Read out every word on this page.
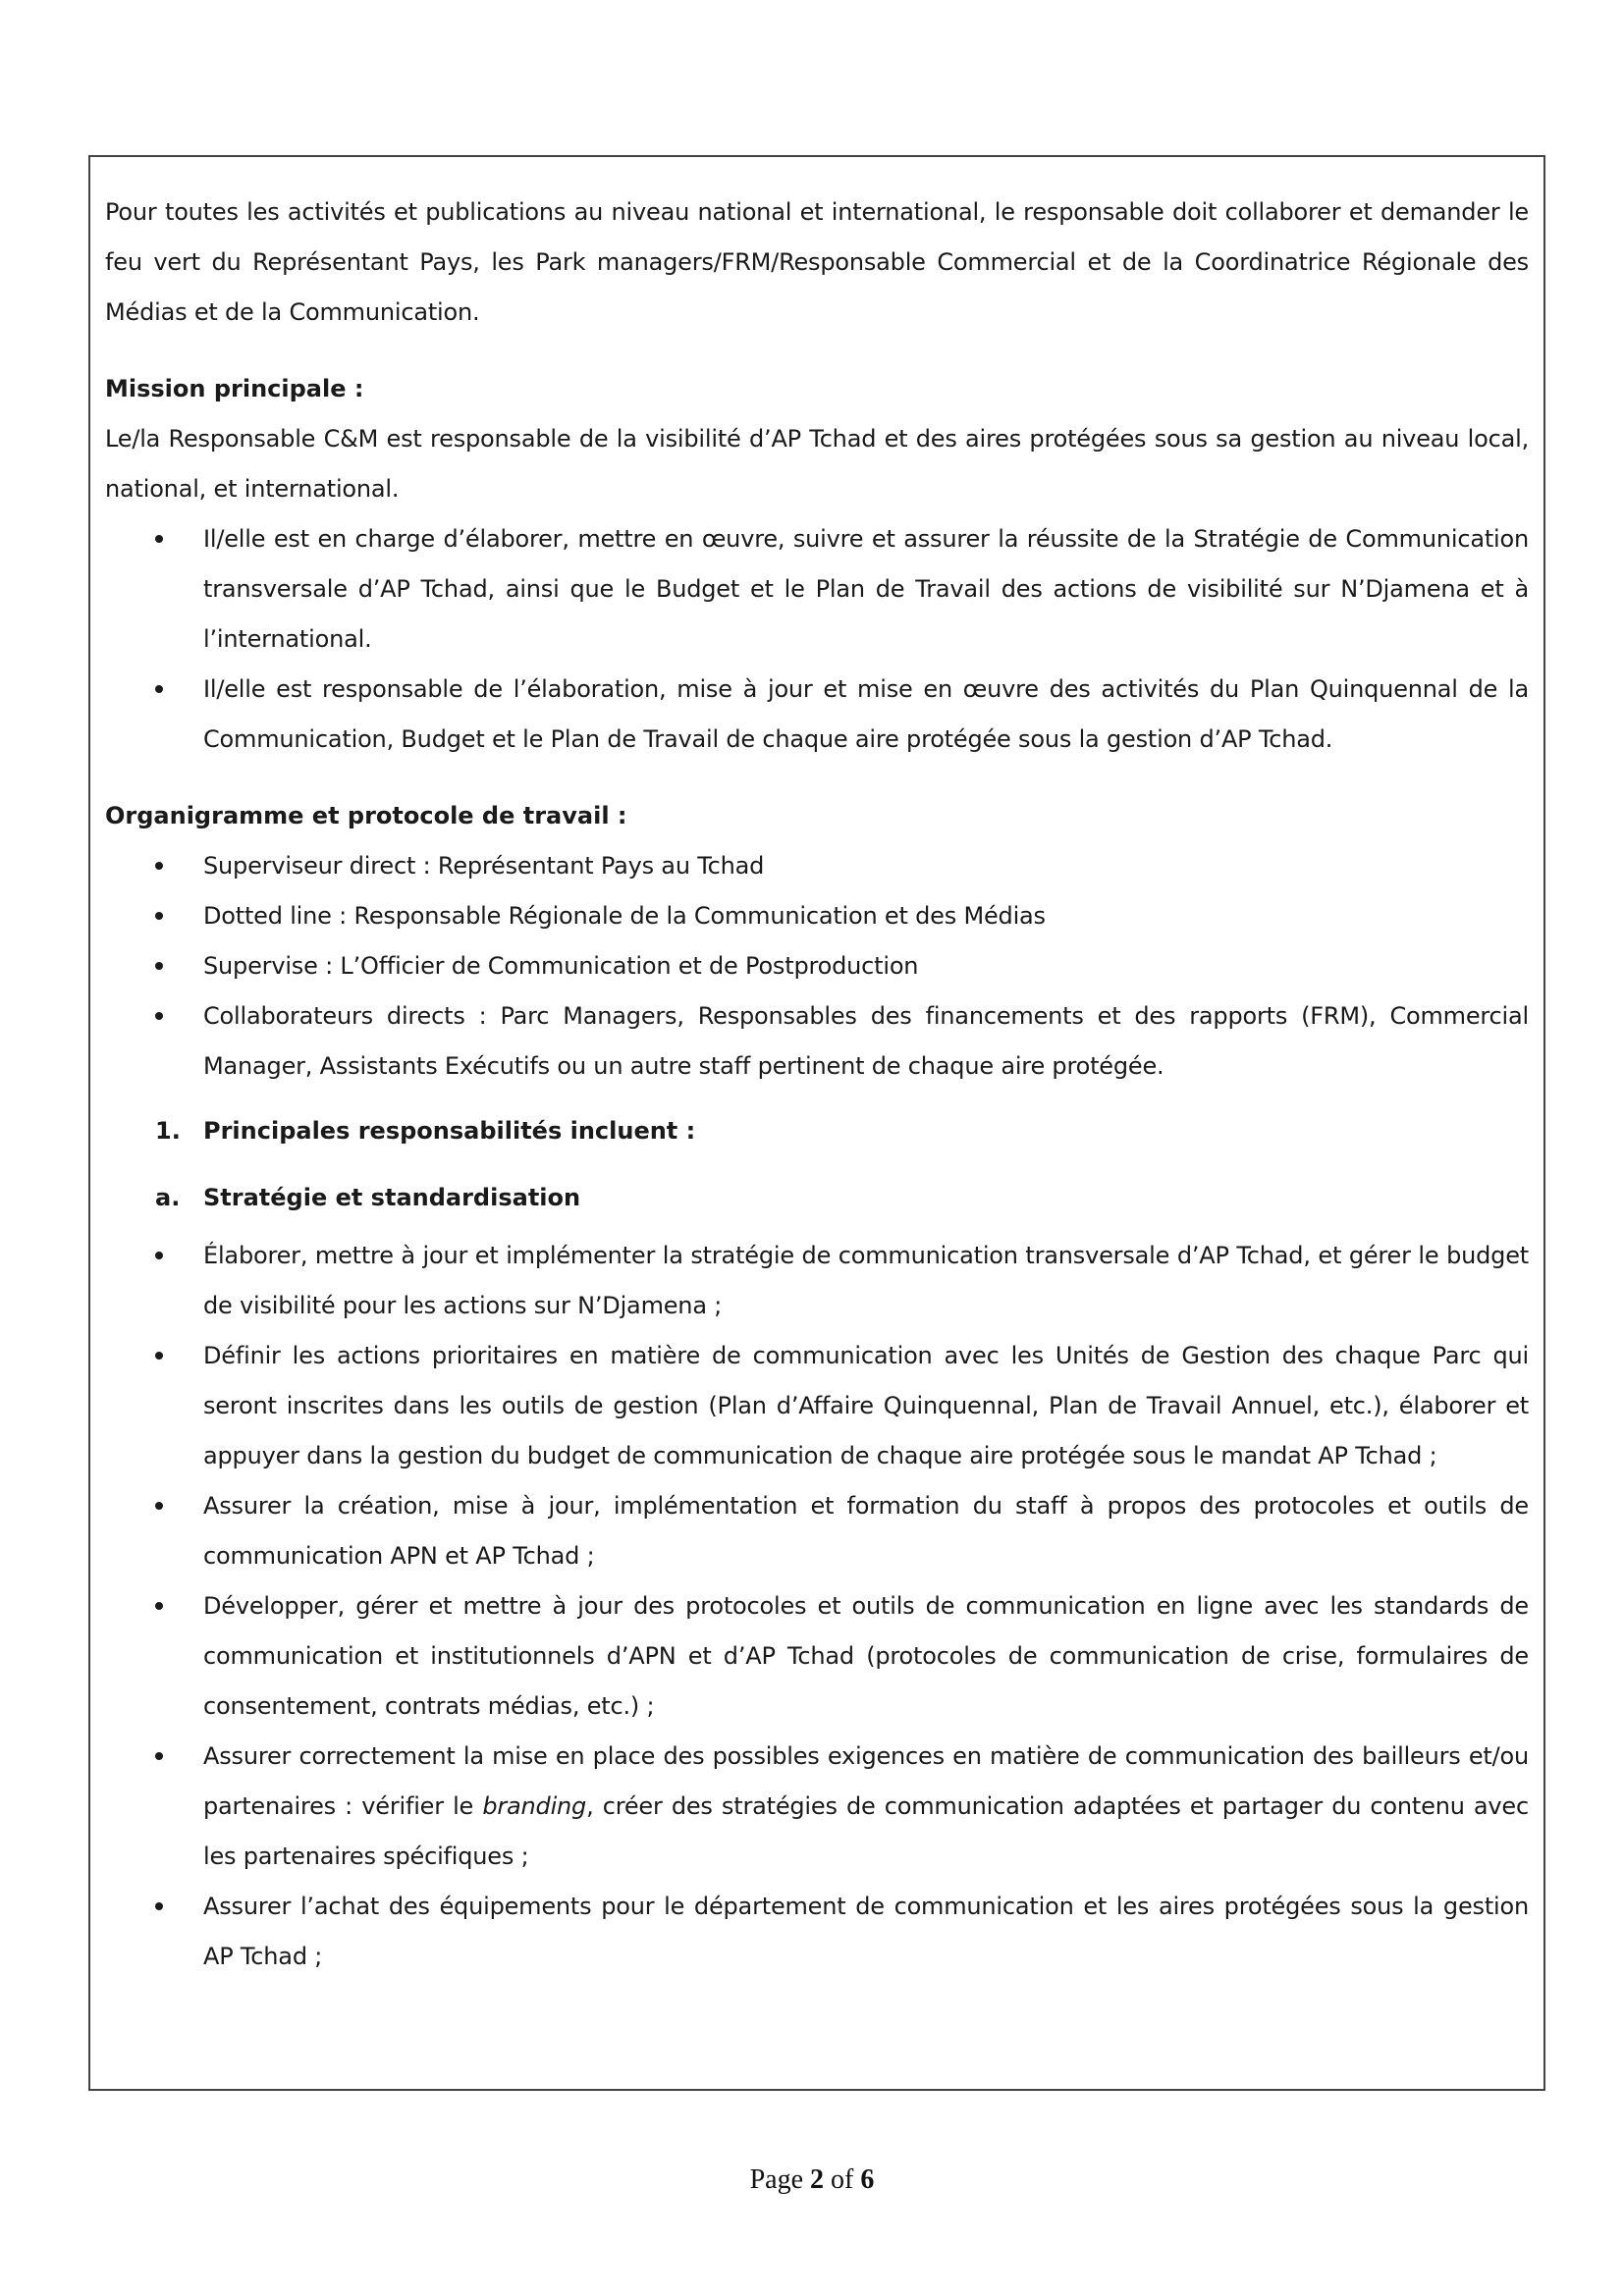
Pour toutes les activités et publications au niveau national et international, le responsable doit collaborer et demander le feu vert du Représentant Pays, les Park managers/FRM/Responsable Commercial et de la Coordinatrice Régionale des Médias et de la Communication.

Mission principale :

Le/la Responsable C&M est responsable de la visibilité d’AP Tchad et des aires protégées sous sa gestion au niveau local, national, et international.

Il/elle est en charge d’élaborer, mettre en œuvre, suivre et assurer la réussite de la Stratégie de Communication transversale d’AP Tchad, ainsi que le Budget et le Plan de Travail des actions de visibilité sur N’Djamena et à l’international.
Il/elle est responsable de l’élaboration, mise à jour et mise en œuvre des activités du Plan Quinquennal de la Communication, Budget et le Plan de Travail de chaque aire protégée sous la gestion d’AP Tchad.

Organigramme et protocole de travail :

Superviseur direct : Représentant Pays au Tchad
Dotted line : Responsable Régionale de la Communication et des Médias
Supervise : L’Officier de Communication et de Postproduction
Collaborateurs directs : Parc Managers, Responsables des financements et des rapports (FRM), Commercial Manager, Assistants Exécutifs ou un autre staff pertinent de chaque aire protégée.

1. Principales responsabilités incluent :

a. Stratégie et standardisation

Élaborer, mettre à jour et implémenter la stratégie de communication transversale d’AP Tchad, et gérer le budget de visibilité pour les actions sur N’Djamena ;
Définir les actions prioritaires en matière de communication avec les Unités de Gestion des chaque Parc qui seront inscrites dans les outils de gestion (Plan d’Affaire Quinquennal, Plan de Travail Annuel, etc.), élaborer et appuyer dans la gestion du budget de communication de chaque aire protégée sous le mandat AP Tchad ;
Assurer la création, mise à jour, implémentation et formation du staff à propos des protocoles et outils de communication APN et AP Tchad ;
Développer, gérer et mettre à jour des protocoles et outils de communication en ligne avec les standards de communication et institutionnels d’APN et d’AP Tchad (protocoles de communication de crise, formulaires de consentement, contrats médias, etc.) ;
Assurer correctement la mise en place des possibles exigences en matière de communication des bailleurs et/ou partenaires : vérifier le branding, créer des stratégies de communication adaptées et partager du contenu avec les partenaires spécifiques ;
Assurer l’achat des équipements pour le département de communication et les aires protégées sous la gestion AP Tchad ;
Page 2 of 6
